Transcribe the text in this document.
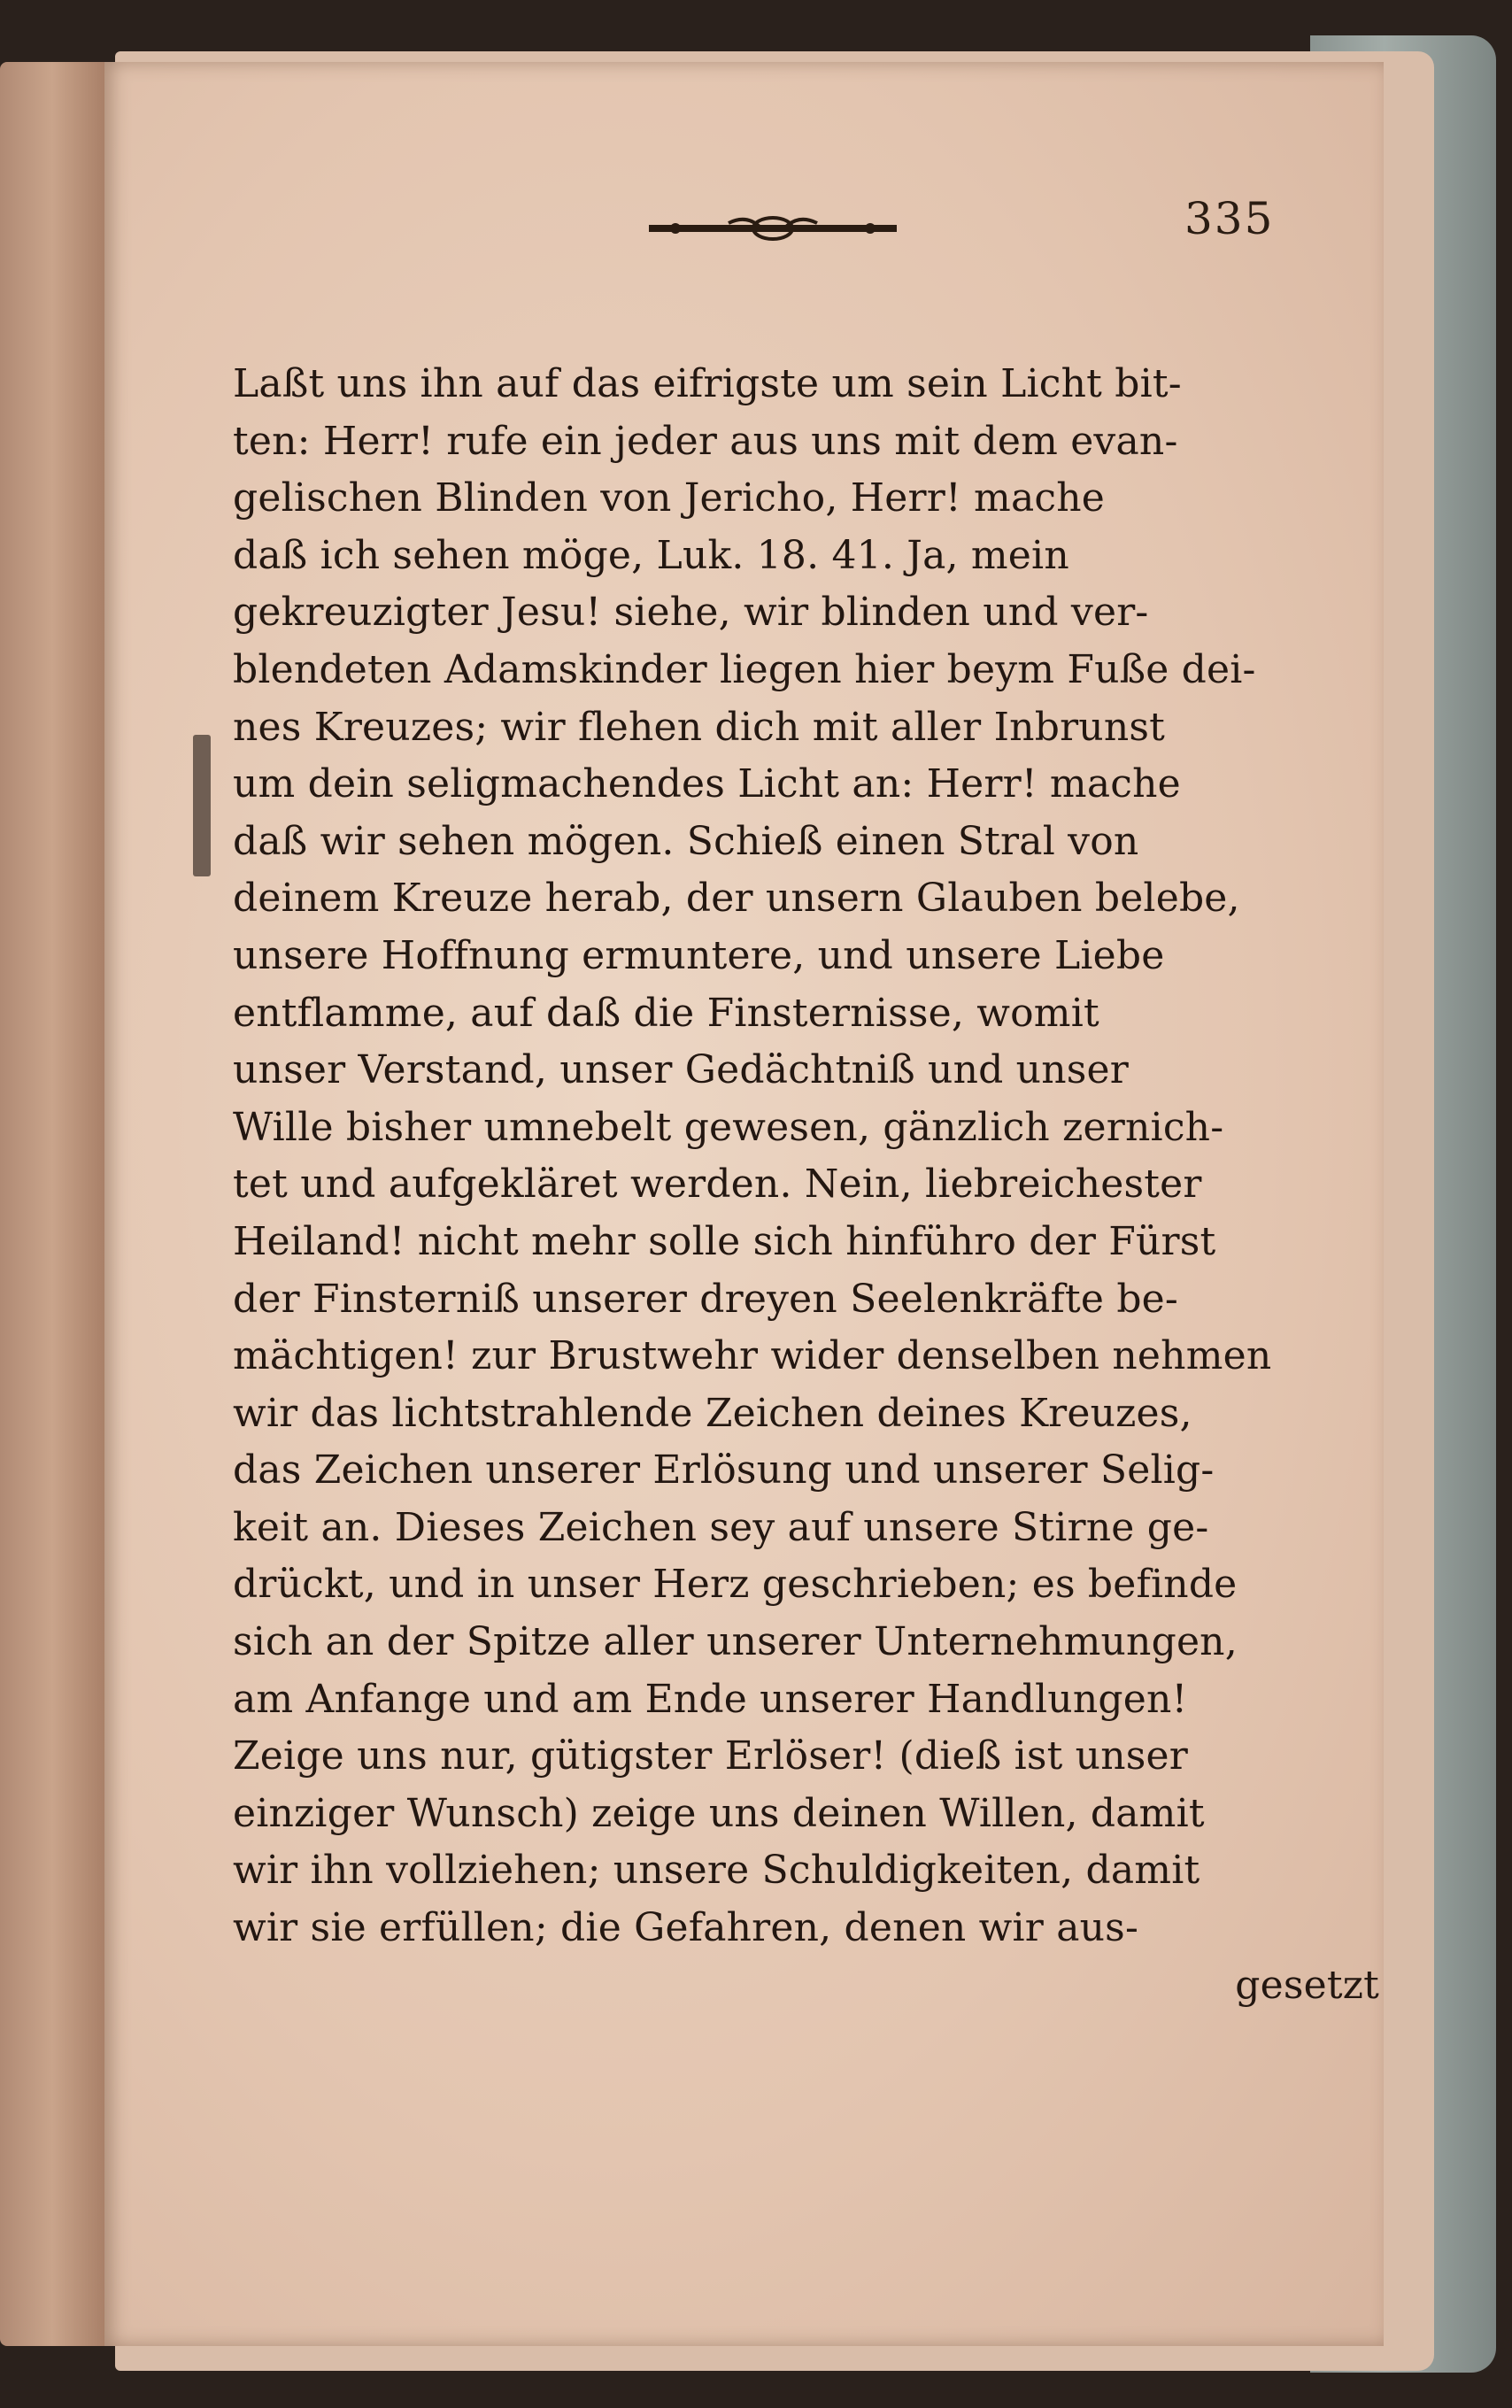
335
Laßt uns ihn auf das eifrigste um sein Licht bit-
ten: Herr! rufe ein jeder aus uns mit dem evan-
gelischen Blinden von Jericho, Herr! mache
daß ich sehen möge, Luk. 18. 41. Ja, mein
gekreuzigter Jesu! siehe, wir blinden und ver-
blendeten Adamskinder liegen hier beym Fuße dei-
nes Kreuzes; wir flehen dich mit aller Inbrunst
um dein seligmachendes Licht an: Herr! mache
daß wir sehen mögen. Schieß einen Stral von
deinem Kreuze herab, der unsern Glauben belebe,
unsere Hoffnung ermuntere, und unsere Liebe
entflamme, auf daß die Finsternisse, womit
unser Verstand, unser Gedächtniß und unser
Wille bisher umnebelt gewesen, gänzlich zernich-
tet und aufgekläret werden. Nein, liebreichester
Heiland! nicht mehr solle sich hinführo der Fürst
der Finsterniß unserer dreyen Seelenkräfte be-
mächtigen! zur Brustwehr wider denselben nehmen
wir das lichtstrahlende Zeichen deines Kreuzes,
das Zeichen unserer Erlösung und unserer Selig-
keit an. Dieses Zeichen sey auf unsere Stirne ge-
drückt, und in unser Herz geschrieben; es befinde
sich an der Spitze aller unserer Unternehmungen,
am Anfange und am Ende unserer Handlungen!
Zeige uns nur, gütigster Erlöser! (dieß ist unser
einziger Wunsch) zeige uns deinen Willen, damit
wir ihn vollziehen; unsere Schuldigkeiten, damit
wir sie erfüllen; die Gefahren, denen wir aus-
gesetzt
